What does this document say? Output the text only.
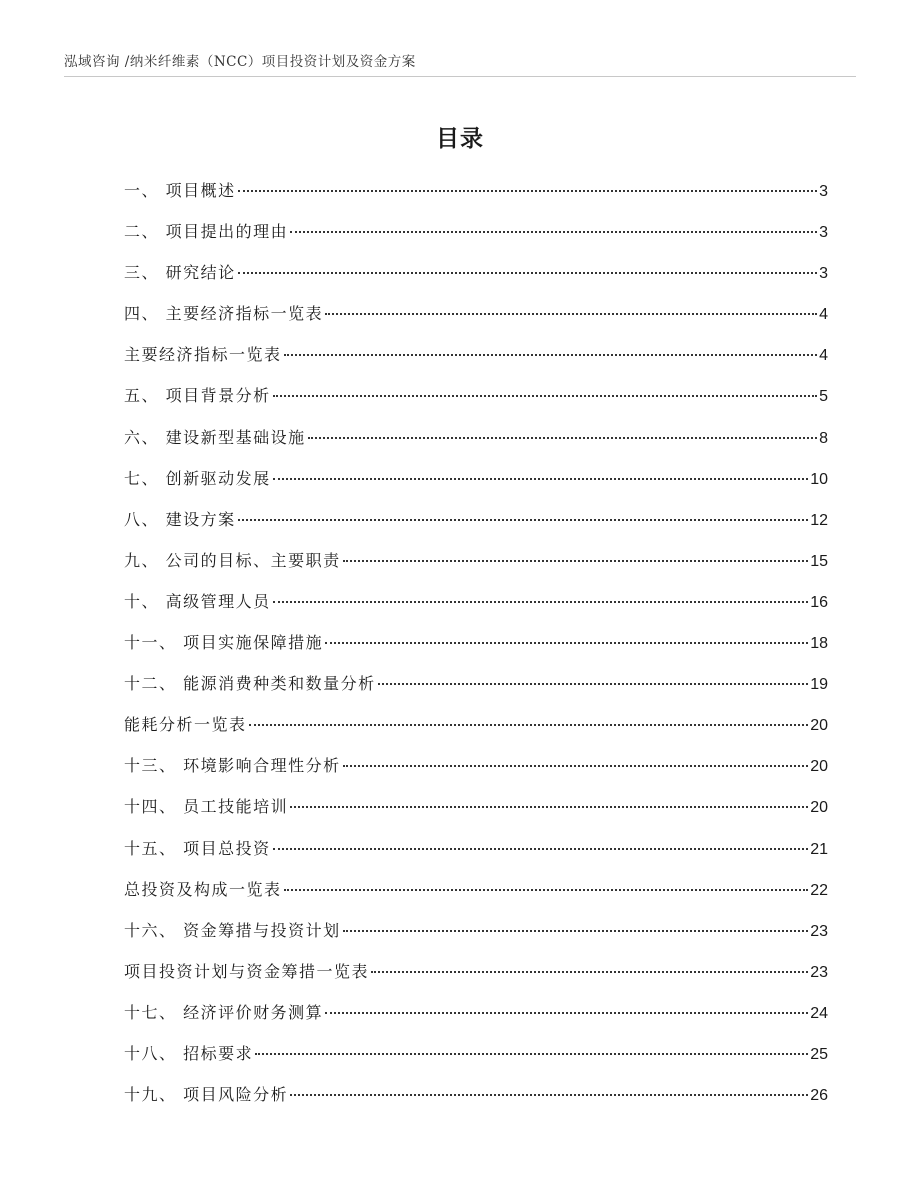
泓域咨询 /纳米纤维素（NCC）项目投资计划及资金方案
目录
一、 项目概述	3
二、 项目提出的理由	3
三、 研究结论	3
四、 主要经济指标一览表	4
主要经济指标一览表	4
五、 项目背景分析	5
六、 建设新型基础设施	8
七、 创新驱动发展	10
八、 建设方案	12
九、 公司的目标、主要职责	15
十、 高级管理人员	16
十一、 项目实施保障措施	18
十二、 能源消费种类和数量分析	19
能耗分析一览表	20
十三、 环境影响合理性分析	20
十四、 员工技能培训	20
十五、 项目总投资	21
总投资及构成一览表	22
十六、 资金筹措与投资计划	23
项目投资计划与资金筹措一览表	23
十七、 经济评价财务测算	24
十八、 招标要求	25
十九、 项目风险分析	26
